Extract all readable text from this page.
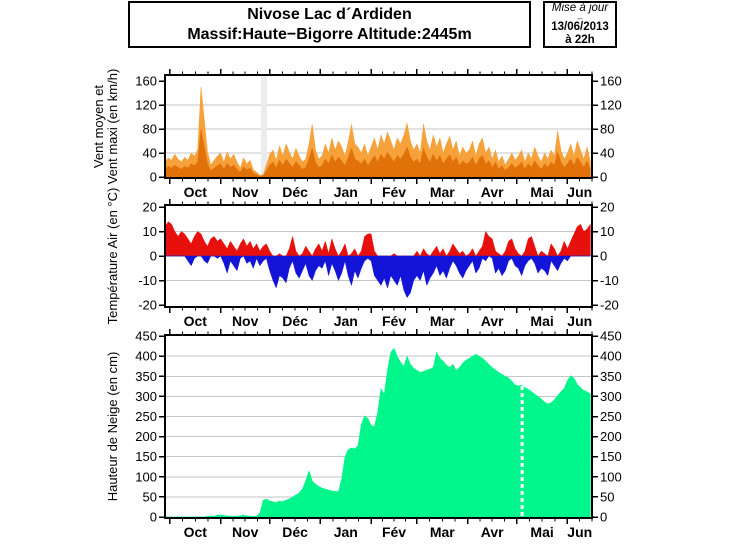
Nivose Lac d´Ardiden
Massif:Haute−Bigorre Altitude:2445m
Mise à jour
–
13/06/2013
à 22h
0	0
40	40
80	80
120	120
160	160
Oct Nov Déc Jan Fév Mar Avr Mai Jun
Vent moyen et Vent maxi (en km/h)
-20	-20
-10	-10
0	0
10	10
20	20
Oct Nov Déc Jan Fév Mar Avr Mai Jun
Température Air (en °C)
0	0
50	50
100	100
150	150
200	200
250	250
300	300
350	350
400	400
450	450
Oct Nov Déc Jan Fév Mar Avr Mai Jun
Hauteur de Neige (en cm)
